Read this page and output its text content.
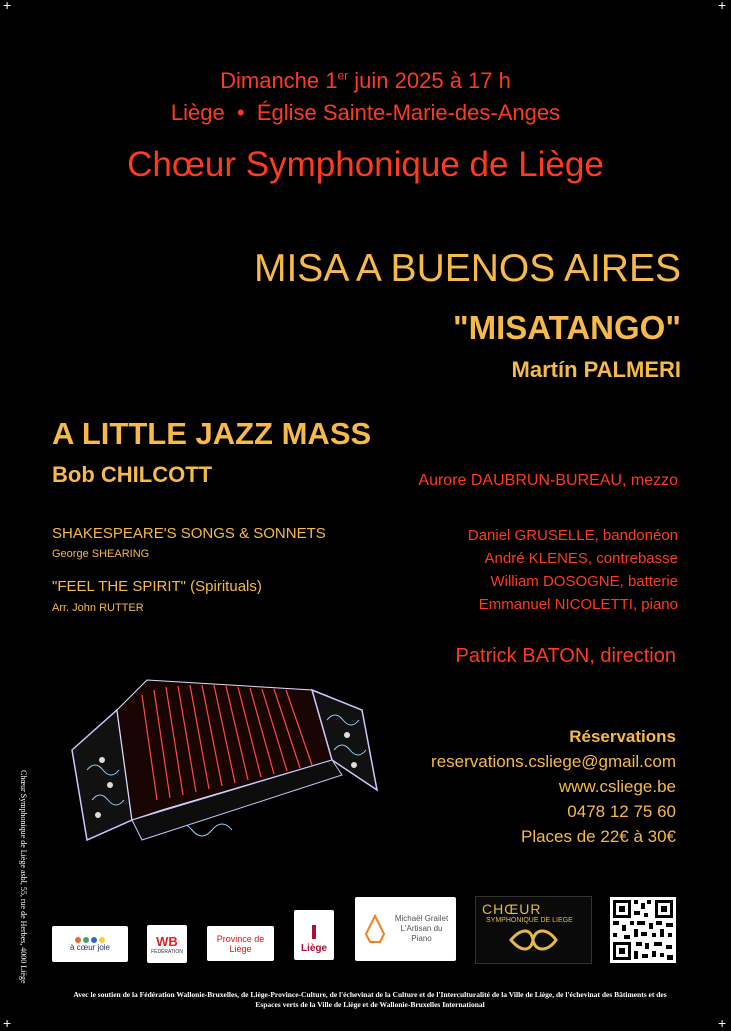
+	+
+	+
Dimanche 1er juin 2025 à 17 h
Liège  •  Église Sainte-Marie-des-Anges
Chœur Symphonique de Liège
MISA A BUENOS AIRES
"MISATANGO"
Martín PALMERI
A LITTLE JAZZ MASS
Bob CHILCOTT
SHAKESPEARE'S SONGS & SONNETS
George SHEARING
"FEEL THE SPIRIT" (Spirituals)
Arr. John RUTTER
Aurore DAUBRUN-BUREAU, mezzo
Daniel GRUSELLE, bandonéon
André KLENES, contrebasse
William DOSOGNE, batterie
Emmanuel NICOLETTI, piano
Patrick BATON, direction
Réservations
reservations.csliege@gmail.com
www.csliege.be
0478 12 75 60
Places de 22€ à 30€
Chœur Symphonique de Liège asbl, 55, rue de Herbes, 4000 Liège	à cœur joie	WB
FÉDÉRATION
Province de Liège	Liège
Michaël Grailet L'Artisan du Piano
CHŒUR
SYMPHONIQUE DE LIEGE
Avec le soutien de la Fédération Wallonie-Bruxelles, de Liège-Province-Culture, de l'échevinat de la Culture et de l'Interculturalité de la Ville de Liège, de l'échevinat des Bâtiments et des Espaces verts de la Ville de Liège et de Wallonie-Bruxelles International
